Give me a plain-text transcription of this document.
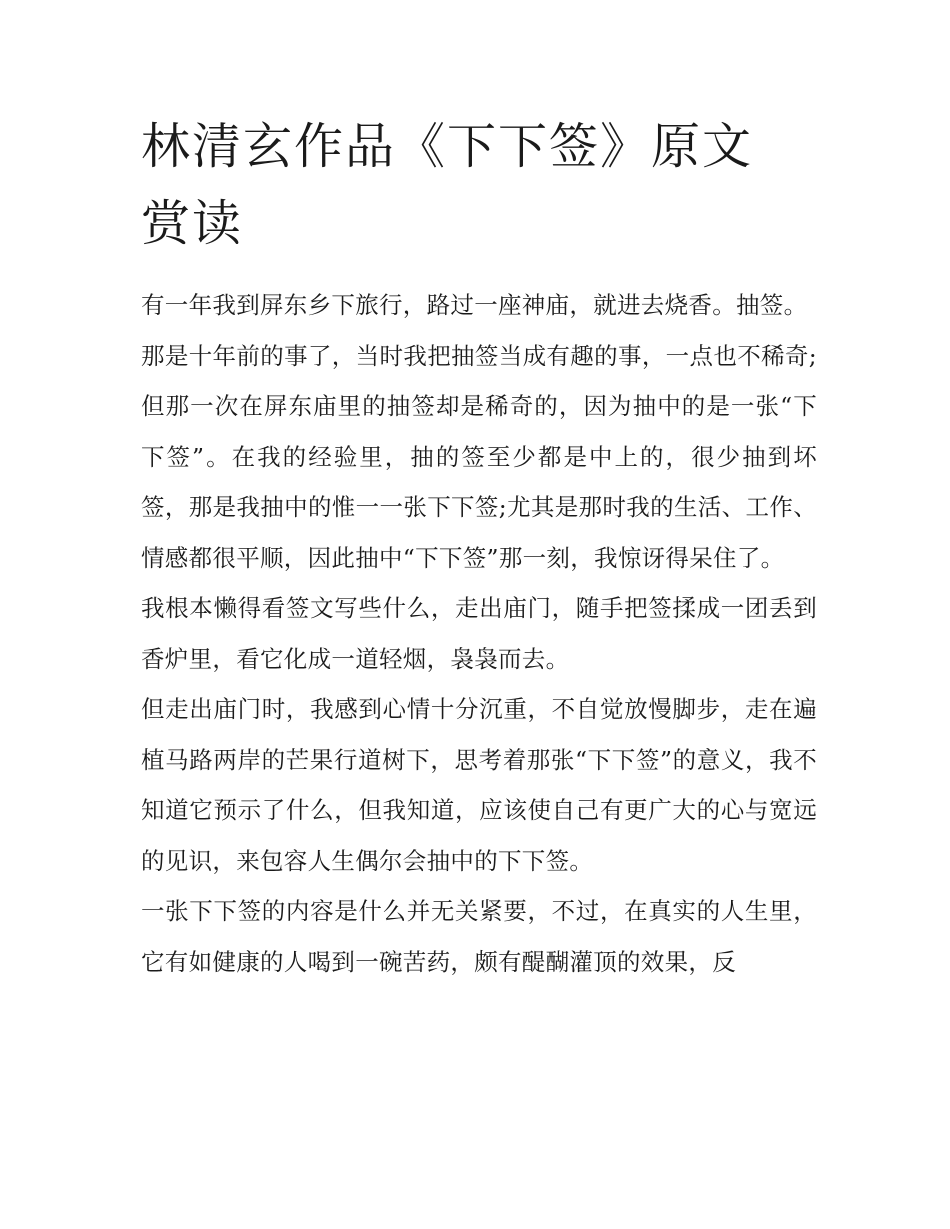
林清玄作品《下下签》原文赏读

有一年我到屏东乡下旅行，路过一座神庙，就进去烧香。抽签。

那是十年前的事了，当时我把抽签当成有趣的事，一点也不稀奇;但那一次在屏东庙里的抽签却是稀奇的，因为抽中的是一张“下下签”。在我的经验里，抽的签至少都是中上的，很少抽到坏签，那是我抽中的惟一一张下下签;尤其是那时我的生活、工作、情感都很平顺，因此抽中“下下签”那一刻，我惊讶得呆住了。

我根本懒得看签文写些什么，走出庙门，随手把签揉成一团丢到香炉里，看它化成一道轻烟，袅袅而去。

但走出庙门时，我感到心情十分沉重，不自觉放慢脚步，走在遍植马路两岸的芒果行道树下，思考着那张“下下签”的意义，我不知道它预示了什么，但我知道，应该使自己有更广大的心与宽远的见识，来包容人生偶尔会抽中的下下签。

一张下下签的内容是什么并无关紧要，不过，在真实的人生里，它有如健康的人喝到一碗苦药，颇有醍醐灌顶的效果，反
